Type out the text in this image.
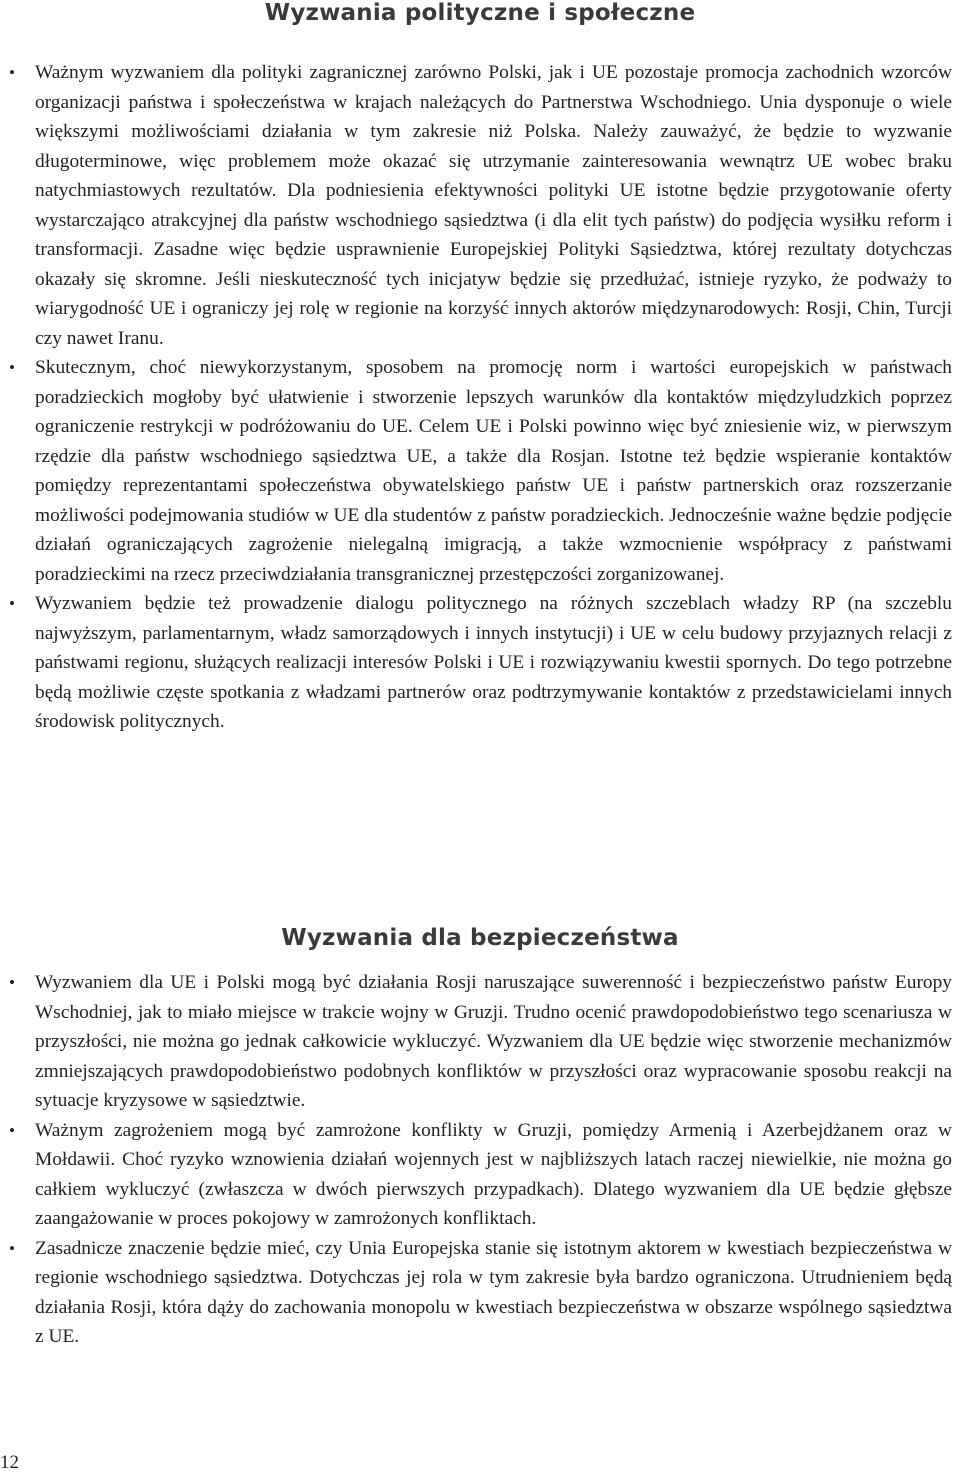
Wyzwania polityczne i społeczne
• Ważnym wyzwaniem dla polityki zagranicznej zarówno Polski, jak i UE pozostaje promocja zachodnich wzorców organizacji państwa i społeczeństwa w krajach należących do Partnerstwa Wschodniego. Unia dysponuje o wiele większymi możliwościami działania w tym zakresie niż Polska. Należy zauważyć, że będzie to wyzwanie długoterminowe, więc problemem może okazać się utrzymanie zainteresowania wewnątrz UE wobec braku natychmiastowych rezultatów. Dla podniesienia efektywności polityki UE istotne będzie przygotowanie oferty wystarczająco atrakcyjnej dla państw wschodniego sąsiedztwa (i dla elit tych państw) do podjęcia wysiłku reform i transformacji. Zasadne więc będzie usprawnienie Europejskiej Polityki Sąsiedztwa, której rezultaty dotychczas okazały się skromne. Jeśli nieskuteczność tych inicjatyw będzie się przedłużać, istnieje ryzyko, że podważy to wiarygodność UE i ograniczy jej rolę w regionie na korzyść innych aktorów międzynarodowych: Rosji, Chin, Turcji czy nawet Iranu.
• Skutecznym, choć niewykorzystanym, sposobem na promocję norm i wartości europejskich w państwach poradzieckich mogłoby być ułatwienie i stworzenie lepszych warunków dla kontaktów międzyludzkich poprzez ograniczenie restrykcji w podróżowaniu do UE. Celem UE i Polski powinno więc być zniesienie wiz, w pierwszym rzędzie dla państw wschodniego sąsiedztwa UE, a także dla Rosjan. Istotne też będzie wspieranie kontaktów pomiędzy reprezentantami społeczeństwa obywatelskiego państw UE i państw partnerskich oraz rozszerzanie możliwości podejmowania studiów w UE dla studentów z państw poradzieckich. Jednocześnie ważne będzie podjęcie działań ograniczających zagrożenie nielegalną imigracją, a także wzmocnienie współpracy z państwami poradzieckimi na rzecz przeciwdziałania transgranicznej przestępczości zorganizowanej.
• Wyzwaniem będzie też prowadzenie dialogu politycznego na różnych szczeblach władzy RP (na szczeblu najwyższym, parlamentarnym, władz samorządowych i innych instytucji) i UE w celu budowy przyjaznych relacji z państwami regionu, służących realizacji interesów Polski i UE i rozwiązywaniu kwestii spornych. Do tego potrzebne będą możliwie częste spotkania z władzami partnerów oraz podtrzymywanie kontaktów z przedstawicielami innych środowisk politycznych.
Wyzwania dla bezpieczeństwa
• Wyzwaniem dla UE i Polski mogą być działania Rosji naruszające suwerenność i bezpieczeństwo państw Europy Wschodniej, jak to miało miejsce w trakcie wojny w Gruzji. Trudno ocenić prawdopodobieństwo tego scenariusza w przyszłości, nie można go jednak całkowicie wykluczyć. Wyzwaniem dla UE będzie więc stworzenie mechanizmów zmniejszających prawdopodobieństwo podobnych konfliktów w przyszłości oraz wypracowanie sposobu reakcji na sytuacje kryzysowe w sąsiedztwie.
• Ważnym zagrożeniem mogą być zamrożone konflikty w Gruzji, pomiędzy Armenią i Azerbejdżanem oraz w Mołdawii. Choć ryzyko wznowienia działań wojennych jest w najbliższych latach raczej niewielkie, nie można go całkiem wykluczyć (zwłaszcza w dwóch pierwszych przypadkach). Dlatego wyzwaniem dla UE będzie głębsze zaangażowanie w proces pokojowy w zamrożonych konfliktach.
• Zasadnicze znaczenie będzie mieć, czy Unia Europejska stanie się istotnym aktorem w kwestiach bezpieczeństwa w regionie wschodniego sąsiedztwa. Dotychczas jej rola w tym zakresie była bardzo ograniczona. Utrudnieniem będą działania Rosji, która dąży do zachowania monopolu w kwestiach bezpieczeństwa w obszarze wspólnego sąsiedztwa z UE.

12
